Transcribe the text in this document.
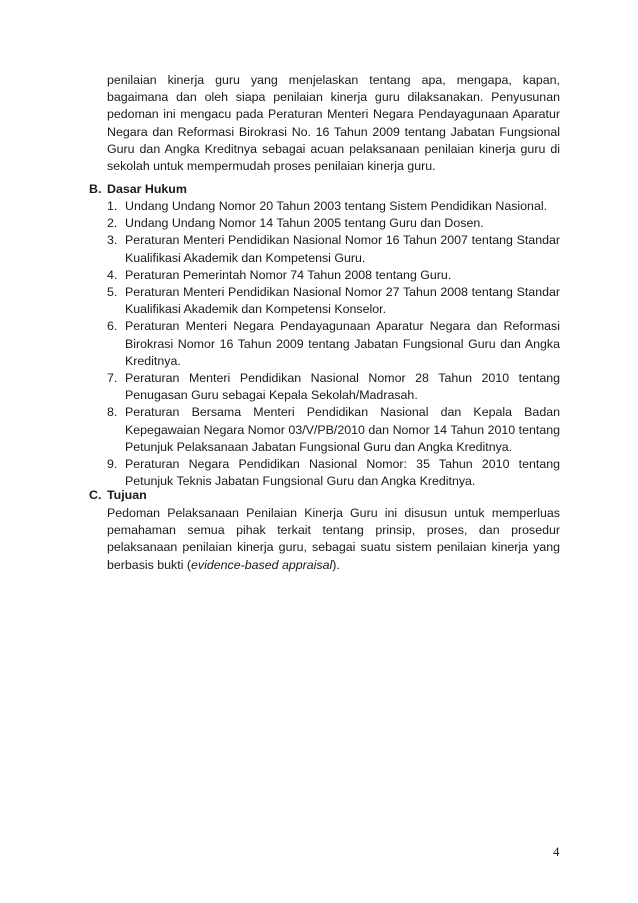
penilaian kinerja guru yang menjelaskan tentang apa, mengapa, kapan, bagaimana dan oleh siapa penilaian kinerja guru dilaksanakan. Penyusunan pedoman ini mengacu pada Peraturan Menteri Negara Pendayagunaan Aparatur Negara dan Reformasi Birokrasi No. 16 Tahun 2009 tentang Jabatan Fungsional Guru dan Angka Kreditnya sebagai acuan pelaksanaan penilaian kinerja guru di sekolah untuk mempermudah proses penilaian kinerja guru.

B. Dasar Hukum
1. Undang Undang Nomor 20 Tahun 2003 tentang Sistem Pendidikan Nasional.
2. Undang Undang Nomor 14 Tahun 2005 tentang Guru dan Dosen.
3. Peraturan Menteri Pendidikan Nasional Nomor 16 Tahun 2007 tentang Standar Kualifikasi Akademik dan Kompetensi Guru.
4. Peraturan Pemerintah Nomor 74 Tahun 2008 tentang Guru.
5. Peraturan Menteri Pendidikan Nasional Nomor 27 Tahun 2008 tentang Standar Kualifikasi Akademik dan Kompetensi Konselor.
6. Peraturan Menteri Negara Pendayagunaan Aparatur Negara dan Reformasi Birokrasi Nomor 16 Tahun 2009 tentang Jabatan Fungsional Guru dan Angka Kreditnya.
7. Peraturan Menteri Pendidikan Nasional Nomor 28 Tahun 2010 tentang Penugasan Guru sebagai Kepala Sekolah/Madrasah.
8. Peraturan Bersama Menteri Pendidikan Nasional dan Kepala Badan Kepegawaian Negara Nomor 03/V/PB/2010 dan Nomor 14 Tahun 2010 tentang Petunjuk Pelaksanaan Jabatan Fungsional Guru dan Angka Kreditnya.
9. Peraturan Negara Pendidikan Nasional Nomor: 35 Tahun 2010 tentang Petunjuk Teknis Jabatan Fungsional Guru dan Angka Kreditnya.
C. Tujuan

Pedoman Pelaksanaan Penilaian Kinerja Guru ini disusun untuk memperluas pemahaman semua pihak terkait tentang prinsip, proses, dan prosedur pelaksanaan penilaian kinerja guru, sebagai suatu sistem penilaian kinerja yang berbasis bukti (evidence-based appraisal).

4
